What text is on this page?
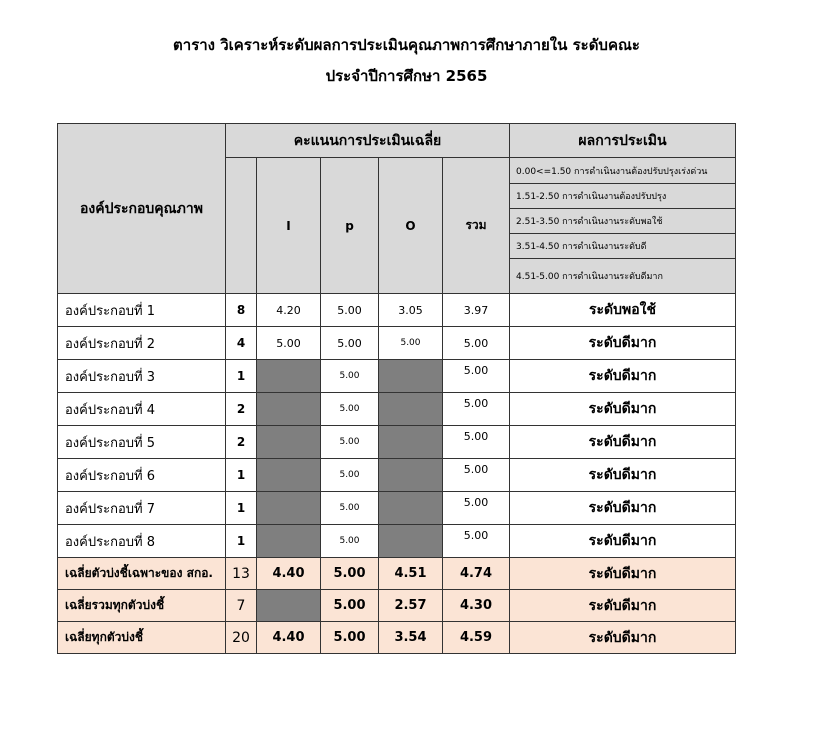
ตาราง วิเคราะห์ระดับผลการประเมินคุณภาพการศึกษาภายใน ระดับคณะ
ประจำปีการศึกษา 2565
องค์ประกอบคุณภาพ	คะแนนการประเมินเฉลี่ย					ผลการประเมิน
		I	p	O	รวม	0.00<=1.50 การดำเนินงานต้องปรับปรุงเร่งด่วน
						1.51-2.50 การดำเนินงานต้องปรับปรุง
						2.51-3.50 การดำเนินงานระดับพอใช้
						3.51-4.50 การดำเนินงานระดับดี
						4.51-5.00 การดำเนินงานระดับดีมาก
องค์ประกอบที่ 1	8	4.20	5.00	3.05	3.97	ระดับพอใช้
องค์ประกอบที่ 2	4	5.00	5.00	5.00	5.00	ระดับดีมาก
องค์ประกอบที่ 3	1		5.00		5.00	ระดับดีมาก
องค์ประกอบที่ 4	2		5.00		5.00	ระดับดีมาก
องค์ประกอบที่ 5	2		5.00		5.00	ระดับดีมาก
องค์ประกอบที่ 6	1		5.00		5.00	ระดับดีมาก
องค์ประกอบที่ 7	1		5.00		5.00	ระดับดีมาก
องค์ประกอบที่ 8	1		5.00		5.00	ระดับดีมาก
เฉลี่ยตัวบ่งชี้เฉพาะของ สกอ.	13	4.40	5.00	4.51	4.74	ระดับดีมาก
เฉลี่ยรวมทุกตัวบ่งชี้	7		5.00	2.57	4.30	ระดับดีมาก
เฉลี่ยทุกตัวบ่งชี้	20	4.40	5.00	3.54	4.59	ระดับดีมาก
